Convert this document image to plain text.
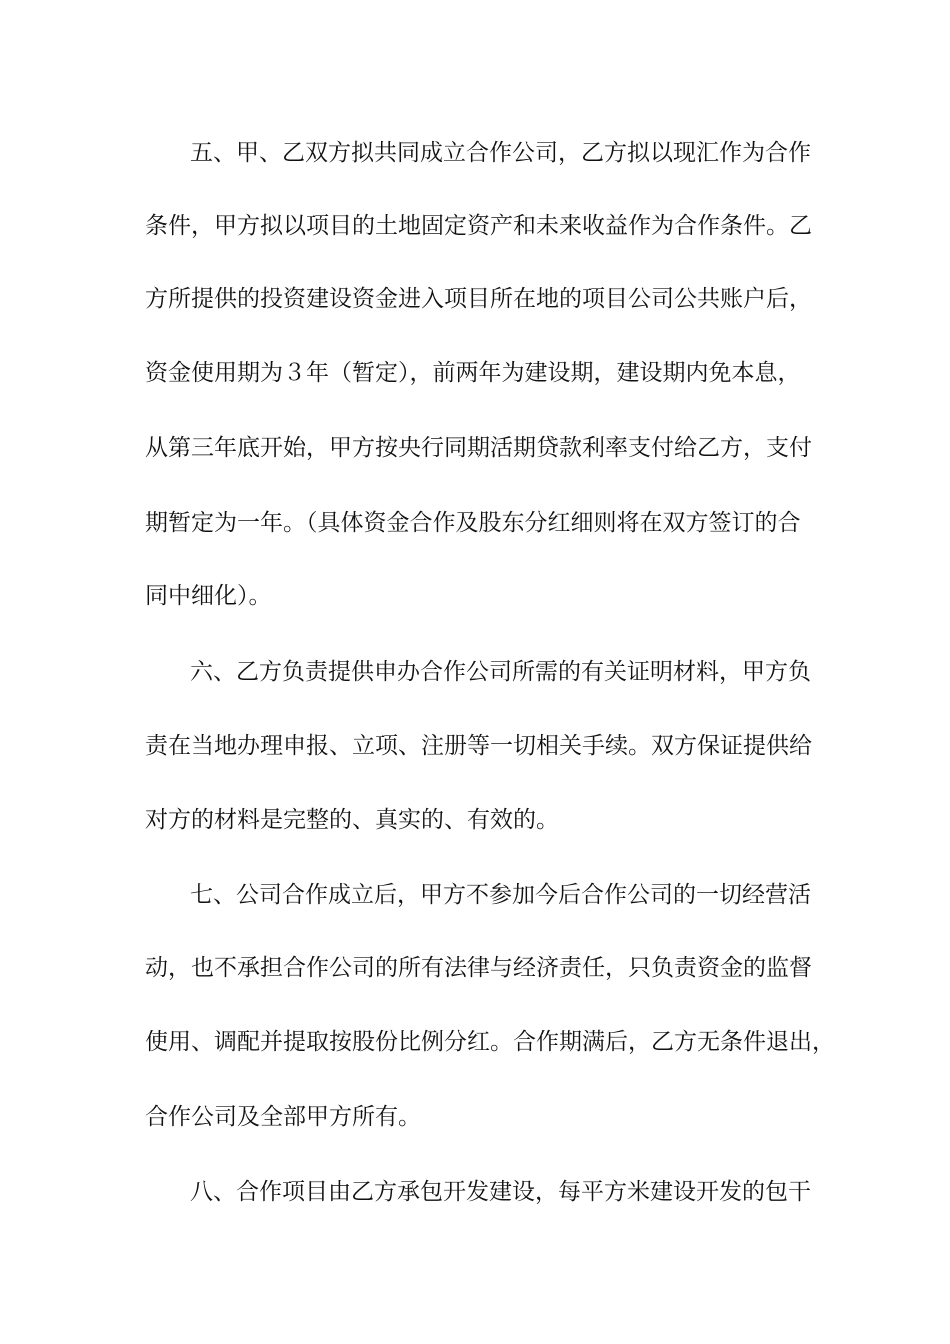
五、甲、乙双方拟共同成立合作公司，乙方拟以现汇作为合作
条件，甲方拟以项目的土地固定资产和未来收益作为合作条件。乙
方所提供的投资建设资金进入项目所在地的项目公司公共账户后，
资金使用期为３年（暂定），前两年为建设期，建设期内免本息，
从第三年底开始，甲方按央行同期活期贷款利率支付给乙方，支付
期暂定为一年。（具体资金合作及股东分红细则将在双方签订的合
同中细化）。
六、乙方负责提供申办合作公司所需的有关证明材料，甲方负
责在当地办理申报、立项、注册等一切相关手续。双方保证提供给
对方的材料是完整的、真实的、有效的。
七、公司合作成立后，甲方不参加今后合作公司的一切经营活
动，也不承担合作公司的所有法律与经济责任，只负责资金的监督
使用、调配并提取按股份比例分红。合作期满后，乙方无条件退出，
合作公司及全部甲方所有。
八、合作项目由乙方承包开发建设，每平方米建设开发的包干
